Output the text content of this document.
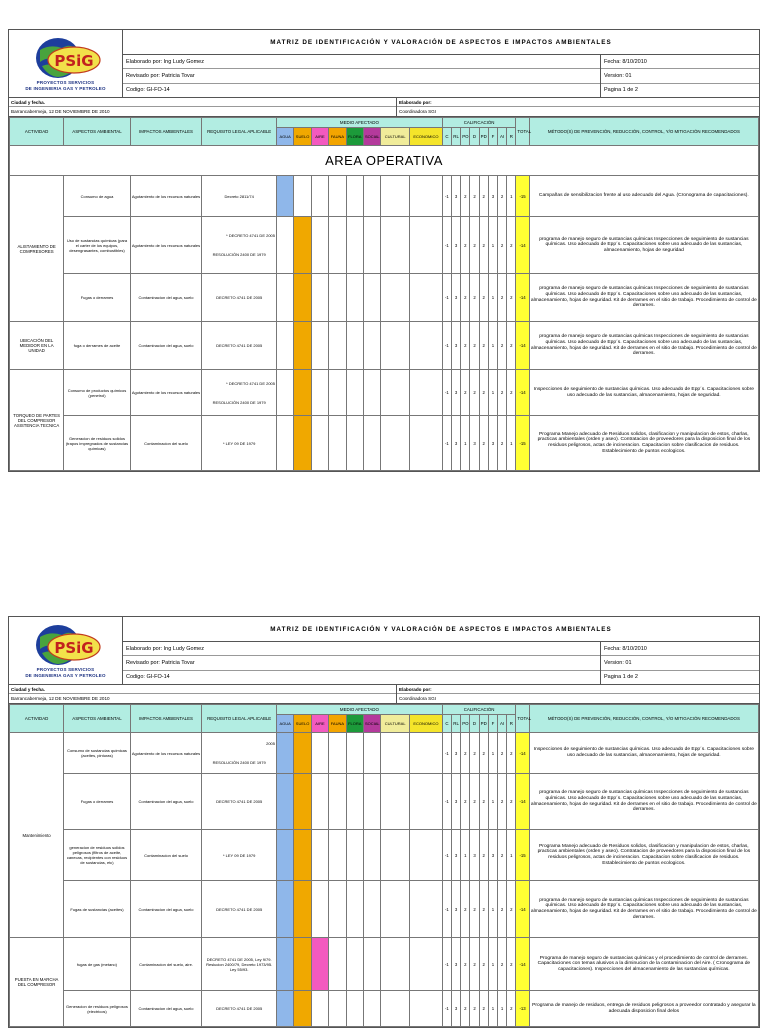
PSiG
PROYECTOS SERVICIOS
DE INGENIERIA GAS Y PETROLEO
MATRIZ DE IDENTIFICACIÓN Y VALORACIÓN DE ASPECTOS E IMPACTOS AMBIENTALES
Elaborado por: Ing Ludy Gomez
Revisado por: Patricia Tovar
Codigo: GI-FO-14
Fecha: 8/10/2010
Version: 01
Pagina 1 de 2
Ciudad y fecha.
Barrancabermeja, 12 DE NOVIEMBRE DE 2010
Elaborado por:
Coordinadora SGI
ACTIVIDAD	ASPECTOS AMBIENTAL	IMPACTOS AMBIENTALES	REQUISITO LEGAL APLICABLE	MEDIO AFECTADO								CALIFICACIÓN								TOTAL	MÉTODO(S) DE PREVENCIÓN, REDUCCIÓN, CONTROL, Y/O MITIGACIÓN RECOMENDADOS
				AGUA	SUELO	AIRE	FAUNA	FLORA	SOCIAL	CULTURAL	ECONOMICO	C	RL	PO	D	PD	F	AI	R		
AREA OPERATIVA																					
ALISTAMIENTO DE COMPRESORES	Consumo de agua	Agotamiento de los recursos naturales	Decreto 2811/74									-1	3	2	2	2	3	2	1	-15	Campañas de sensibilizacion frente al uso adecuado del Agua. (Cronograma de capacitaciones).
	Uso de sustancias químicas (para el carter de los equipos, desengrasantes, combustibles)	Agotamiento de los recursos naturales	* DECRETO 4741 DE 2005
RESOLUCIÓN 2400 DE 1979									-1	3	2	2	2	1	2	2	-14	programa de manejo seguro de sustancias químicas Inspecciones de seguimiento de sustancias químicas. Uso adecuado de Epp´s. Capacitaciones sobre uso adecuado de las sustancias, almacenamiento, hojas de seguridad
	Fugas o derrames	Contaminacion del agua, suelo	DECRETO 4741 DE 2005									-1	3	2	2	2	1	2	2	-14	programa de manejo seguro de sustancias químicas Inspecciones de seguimiento de sustancias químicas. Uso adecuado de Epp´s. Capacitaciones sobre uso adecuado de las sustancias, almacenamiento, hojas de seguridad. Kit de derrames en el sitio de trabajo. Procedimiento de control de derrames.
UBICACIÓN DEL MEDIDOR EN LA UNIDAD	fuga o derrames de aceite	Contaminacion del agua, suelo	DECRETO 4741 DE 2005									-1	3	2	2	2	1	2	2	-14	programa de manejo seguro de sustancias químicas Inspecciones de seguimiento de sustancias químicas. Uso adecuado de Epp´s. Capacitaciones sobre uso adecuado de las sustancias, almacenamiento, hojas de seguridad. Kit de derrames en el sitio de trabajo. Procedimiento de control de derrames.
TORQUEO DE PARTES DEL COMPRESOR ASISTENCIA TECNICA	Consumo de productos químicos (penetrol)	Agotamiento de los recursos naturales	* DECRETO 4741 DE 2005
RESOLUCIÓN 2400 DE 1979									-1	3	2	2	2	1	2	2	-14	Inspecciones de seguimiento de sustancias químicas. Uso adecuado de Epp´s. Capacitaciones sobre uso adecuado de las sustancias, almacenamiento, hojas de seguridad.
	Generacion de residuos solidos (trapos impregnados de sustancias químicas)	Contaminacion del suelo	* LEY 09 DE 1979									-1	3	1	3	2	3	2	1	-15	Programa Manejo adecuado de Residuos solidos, clasificacion y manipulacion de estos, charlas, practicas ambientales (orden y aseo). Contratacion de proveedores para la disposicion final de los residuos peligrosos, actas de incineracion. Capacitacion sobre clasificacion de residuos. Establecimiento de puntos ecologicos.
PSiG
PROYECTOS SERVICIOS
DE INGENIERIA GAS Y PETROLEO
MATRIZ DE IDENTIFICACIÓN Y VALORACIÓN DE ASPECTOS E IMPACTOS AMBIENTALES
Elaborado por: Ing Ludy Gomez
Revisado por: Patricia Tovar
Codigo: GI-FO-14
Fecha: 8/10/2010
Version: 01
Pagina 1 de 2
Ciudad y fecha.
Barrancabermeja, 12 DE NOVIEMBRE DE 2010
Elaborado por:
Coordinadora SGI
ACTIVIDAD	ASPECTOS AMBIENTAL	IMPACTOS AMBIENTALES	REQUISITO LEGAL APLICABLE	MEDIO AFECTADO								CALIFICACIÓN								TOTAL	MÉTODO(S) DE PREVENCIÓN, REDUCCIÓN, CONTROL, Y/O MITIGACIÓN RECOMENDADOS
				AGUA	SUELO	AIRE	FAUNA	FLORA	SOCIAL	CULTURAL	ECONOMICO	C	RL	PO	D	PD	F	AI	R		
Mantenimiento	Consumo de sustancias químicas (aceites, pinturas)	Agotamiento de los recursos naturales	2005
RESOLUCIÓN 2400 DE 1979									-1	3	2	2	2	1	2	2	-14	Inspecciones de seguimiento de sustancias químicas. Uso adecuado de Epp´s. Capacitaciones sobre uso adecuado de las sustancias, almacenamiento, hojas de seguridad.
	Fugas o derrames	Contaminacion del agua, suelo	DECRETO 4741 DE 2005									-1	3	2	2	2	1	2	2	-14	programa de manejo seguro de sustancias químicas Inspecciones de seguimiento de sustancias químicas. Uso adecuado de Epp´s. Capacitaciones sobre uso adecuado de las sustancias, almacenamiento, hojas de seguridad. Kit de derrames en el sitio de trabajo. Procedimiento de control de derrames.
	generacion de residuos solidos peligrosos (filtros de aceite, canecas, recipientes con residuos de sustancias, etc)	Contaminacion del suelo	* LEY 09 DE 1979									-1	3	1	3	2	3	2	1	-15	Programa Manejo adecuado de Residuos solidos, clasificacion y manipulacion de estos, charlas, practicas ambientales (orden y aseo). Contratacion de proveedores para la disposicion final de los residuos peligrosos, actas de incineracion. Capacitacion sobre clasificacion de residuos. Establecimiento de puntos ecologicos.
	Fugas de sustancias (aceites)	Contaminacion del agua, suelo	DECRETO 4741 DE 2005									-1	3	2	2	2	1	2	2	-14	programa de manejo seguro de sustancias químicas Inspecciones de seguimiento de sustancias químicas. Uso adecuado de Epp´s. Capacitaciones sobre uso adecuado de las sustancias, almacenamiento, hojas de seguridad. Kit de derrames en el sitio de trabajo. Procedimiento de control de derrames.
PUESTA EN MARCHA DEL COMPRESOR	fugas de gas (metano)	Contaminacion del suelo, aire.	DECRETO 4741 DE 2005, Ley 9/79. Reslucion 2400/79, Decreto 1973/95. Ley 55/93.									-1	3	2	2	2	1	2	2	-14	Programa de manejo seguro de sustancias químicas y el procedimiento de control de derrames. Capacitaciones con temas alusivos a la diminucion de la contaminacion del Aire. ( Cronograma de capacitaciones). Inspecciones del almacenamiento de las sustancias químicas.
	Generacion de residuos peligrosos (electricos)	Contaminacion del agua, suelo	DECRETO 4741 DE 2005									-1	3	2	2	2	1	1	2	-13	Programa de manejo de residuos, entrega de residuos peligrosos a proveedor contratado y asegurar la adecuada disposicion final delos
